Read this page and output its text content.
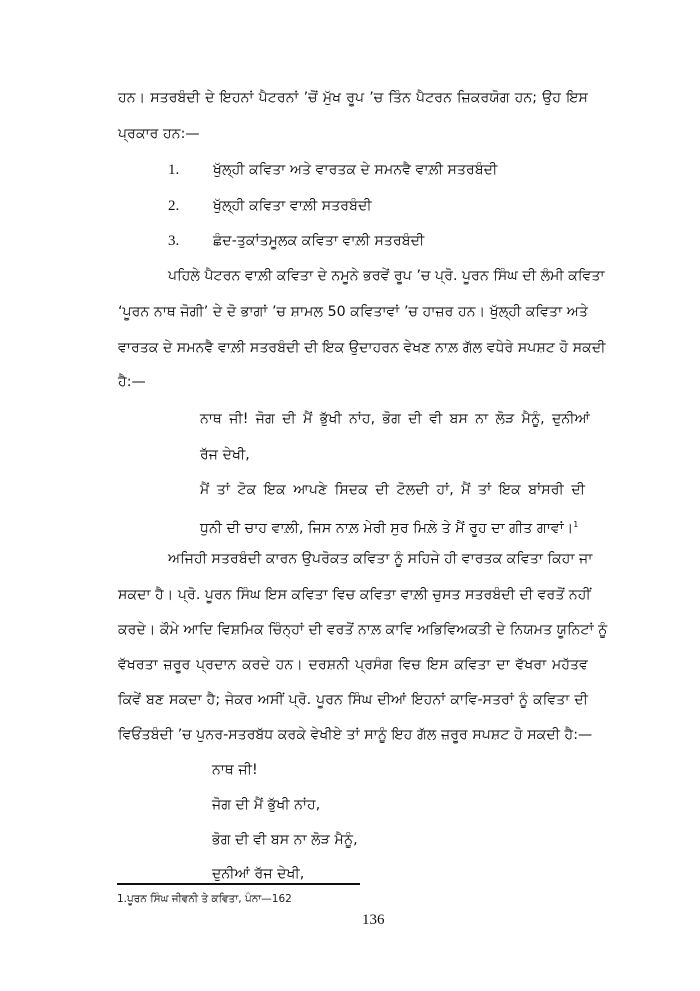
ਹਨ। ਸਤਰਬੰਦੀ ਦੇ ਇਹਨਾਂ ਪੈਟਰਨਾਂ ’ਚੋਂ ਮੁੱਖ ਰੂਪ ’ਚ ਤਿੰਨ ਪੈਟਰਨ ਜ਼ਿਕਰਯੋਗ ਹਨ; ਉਹ ਇਸ
ਪ੍ਰਕਾਰ ਹਨ:—
1. ਖੁੱਲ੍ਹੀ ਕਵਿਤਾ ਅਤੇ ਵਾਰਤਕ ਦੇ ਸਮਨਵੈ ਵਾਲ਼ੀ ਸਤਰਬੰਦੀ
2. ਖੁੱਲ੍ਹੀ ਕਵਿਤਾ ਵਾਲ਼ੀ ਸਤਰਬੰਦੀ
3. ਛੰਦ-ਤੁਕਾਂਤਮੂਲਕ ਕਵਿਤਾ ਵਾਲ਼ੀ ਸਤਰਬੰਦੀ
ਪਹਿਲੇ ਪੈਟਰਨ ਵਾਲ਼ੀ ਕਵਿਤਾ ਦੇ ਨਮੂਨੇ ਭਰਵੇਂ ਰੂਪ ’ਚ ਪ੍ਰੋ. ਪੂਰਨ ਸਿੰਘ ਦੀ ਲੰਮੀ ਕਵਿਤਾ
‘ਪੂਰਨ ਨਾਥ ਜੋਗੀ’ ਦੇ ਦੋ ਭਾਗਾਂ ’ਚ ਸ਼ਾਮਲ 50 ਕਵਿਤਾਵਾਂ ’ਚ ਹਾਜ਼ਰ ਹਨ। ਖੁੱਲ੍ਹੀ ਕਵਿਤਾ ਅਤੇ
ਵਾਰਤਕ ਦੇ ਸਮਨਵੈ ਵਾਲ਼ੀ ਸਤਰਬੰਦੀ ਦੀ ਇਕ ਉਦਾਹਰਨ ਵੇਖਣ ਨਾਲ਼ ਗੱਲ ਵਧੇਰੇ ਸਪਸ਼ਟ ਹੋ ਸਕਦੀ
ਹੈ:—
ਨਾਥ ਜੀ! ਜੋਗ ਦੀ ਮੈਂ ਭੁੱਖੀ ਨਾਂਹ, ਭੋਗ ਦੀ ਵੀ ਬਸ ਨਾ ਲੋੜ ਮੈਨੂੰ, ਦੁਨੀਆਂ
ਰੱਜ ਦੇਖੀ,
ਮੈਂ ਤਾਂ ਟੋਕ ਇਕ ਆਪਣੇ ਸਿਦਕ ਦੀ ਟੋਲਦੀ ਹਾਂ, ਮੈਂ ਤਾਂ ਇਕ ਬਾਂਸਰੀ ਦੀ
ਧੁਨੀ ਦੀ ਚਾਹ ਵਾਲ਼ੀ, ਜਿਸ ਨਾਲ਼ ਮੇਰੀ ਸੁਰ ਮਿਲ਼ੇ ਤੇ ਮੈਂ ਰੂਹ ਦਾ ਗੀਤ ਗਾਵਾਂ।$^1$
ਅਜਿਹੀ ਸਤਰਬੰਦੀ ਕਾਰਨ ਉਪਰੋਕਤ ਕਵਿਤਾ ਨੂੰ ਸਹਿਜੇ ਹੀ ਵਾਰਤਕ ਕਵਿਤਾ ਕਿਹਾ ਜਾ
ਸਕਦਾ ਹੈ। ਪ੍ਰੋ. ਪੂਰਨ ਸਿੰਘ ਇਸ ਕਵਿਤਾ ਵਿਚ ਕਵਿਤਾ ਵਾਲ਼ੀ ਚੁਸਤ ਸਤਰਬੰਦੀ ਦੀ ਵਰਤੋਂ ਨਹੀਂ
ਕਰਦੇ। ਕੌਮੇ ਆਦਿ ਵਿਸ਼ਮਿਕ ਚਿੰਨ੍ਹਾਂ ਦੀ ਵਰਤੋਂ ਨਾਲ਼ ਕਾਵਿ ਅਭਿਵਿਅਕਤੀ ਦੇ ਨਿਯਮਤ ਯੂਨਿਟਾਂ ਨੂੰ
ਵੱਖਰਤਾ ਜ਼ਰੂਰ ਪ੍ਰਦਾਨ ਕਰਦੇ ਹਨ। ਦਰਸ਼ਨੀ ਪ੍ਰਸੰਗ ਵਿਚ ਇਸ ਕਵਿਤਾ ਦਾ ਵੱਖਰਾ ਮਹੱਤਵ
ਕਿਵੇਂ ਬਣ ਸਕਦਾ ਹੈ; ਜੇਕਰ ਅਸੀਂ ਪ੍ਰੋ. ਪੂਰਨ ਸਿੰਘ ਦੀਆਂ ਇਹਨਾਂ ਕਾਵਿ-ਸਤਰਾਂ ਨੂੰ ਕਵਿਤਾ ਦੀ
ਵਿਓਂਤਬੰਦੀ ’ਚ ਪੁਨਰ-ਸਤਰਬੱਧ ਕਰਕੇ ਵੇਖੀਏ ਤਾਂ ਸਾਨੂੰ ਇਹ ਗੱਲ ਜ਼ਰੂਰ ਸਪਸ਼ਟ ਹੋ ਸਕਦੀ ਹੈ:—
ਨਾਥ ਜੀ!
ਜੋਗ ਦੀ ਮੈਂ ਭੁੱਖੀ ਨਾਂਹ,
ਭੋਗ ਦੀ ਵੀ ਬਸ ਨਾ ਲੋੜ ਮੈਨੂੰ,
ਦੁਨੀਆਂ ਰੱਜ ਦੇਖੀ,
1.ਪੂਰਨ ਸਿੰਘ ਜੀਵਨੀ ਤੇ ਕਵਿਤਾ, ਪੰਨਾ—162
136
